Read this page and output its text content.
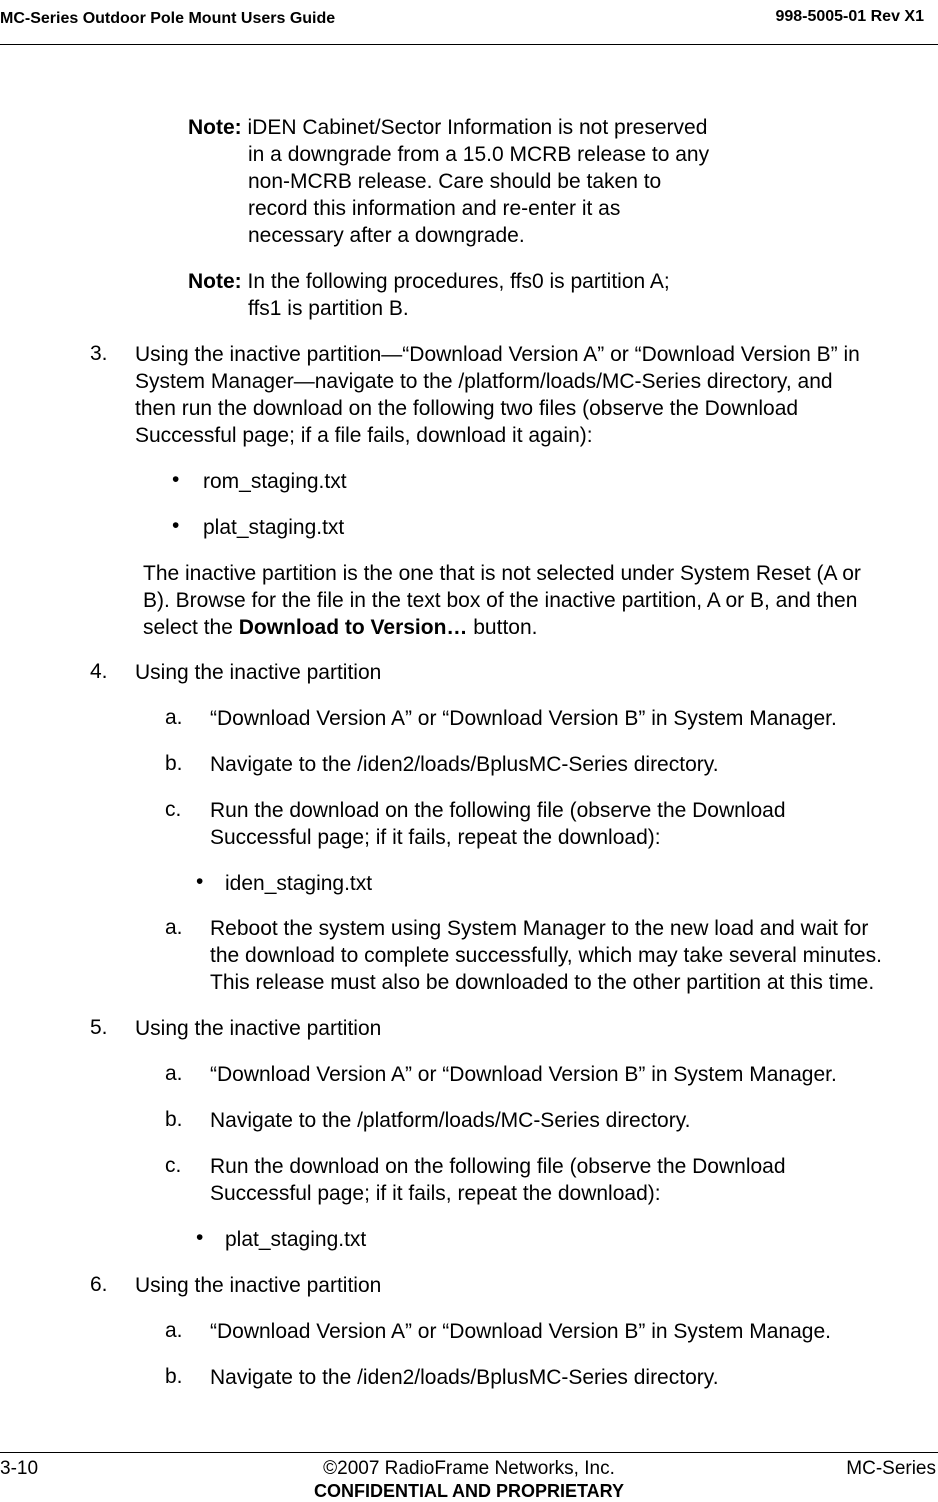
MC-Series Outdoor Pole Mount Users Guide	998-5005-01 Rev X1
Note: iDEN Cabinet/Sector Information is not preserved
in a downgrade from a 15.0 MCRB release to any
non-MCRB release. Care should be taken to
record this information and re-enter it as
necessary after a downgrade.
Note: In the following procedures, ffs0 is partition A;
ffs1 is partition B.
3. Using the inactive partition—“Download Version A” or “Download Version B” in
System Manager—navigate to the /platform/loads/MC-Series directory, and
then run the download on the following two files (observe the Download
Successful page; if a file fails, download it again):
• rom_staging.txt
• plat_staging.txt
The inactive partition is the one that is not selected under System Reset (A or
B). Browse for the file in the text box of the inactive partition, A or B, and then
select the Download to Version… button.
4. Using the inactive partition
a. “Download Version A” or “Download Version B” in System Manager.
b. Navigate to the /iden2/loads/BplusMC-Series directory.
c. Run the download on the following file (observe the Download
Successful page; if it fails, repeat the download):
• iden_staging.txt
a. Reboot the system using System Manager to the new load and wait for
the download to complete successfully, which may take several minutes.
This release must also be downloaded to the other partition at this time.
5. Using the inactive partition
a. “Download Version A” or “Download Version B” in System Manager.
b. Navigate to the /platform/loads/MC-Series directory.
c. Run the download on the following file (observe the Download
Successful page; if it fails, repeat the download):
• plat_staging.txt
6. Using the inactive partition
a. “Download Version A” or “Download Version B” in System Manage.
b. Navigate to the /iden2/loads/BplusMC-Series directory.
3-10	©2007 RadioFrame Networks, Inc.
CONFIDENTIAL AND PROPRIETARY
MC-Series
